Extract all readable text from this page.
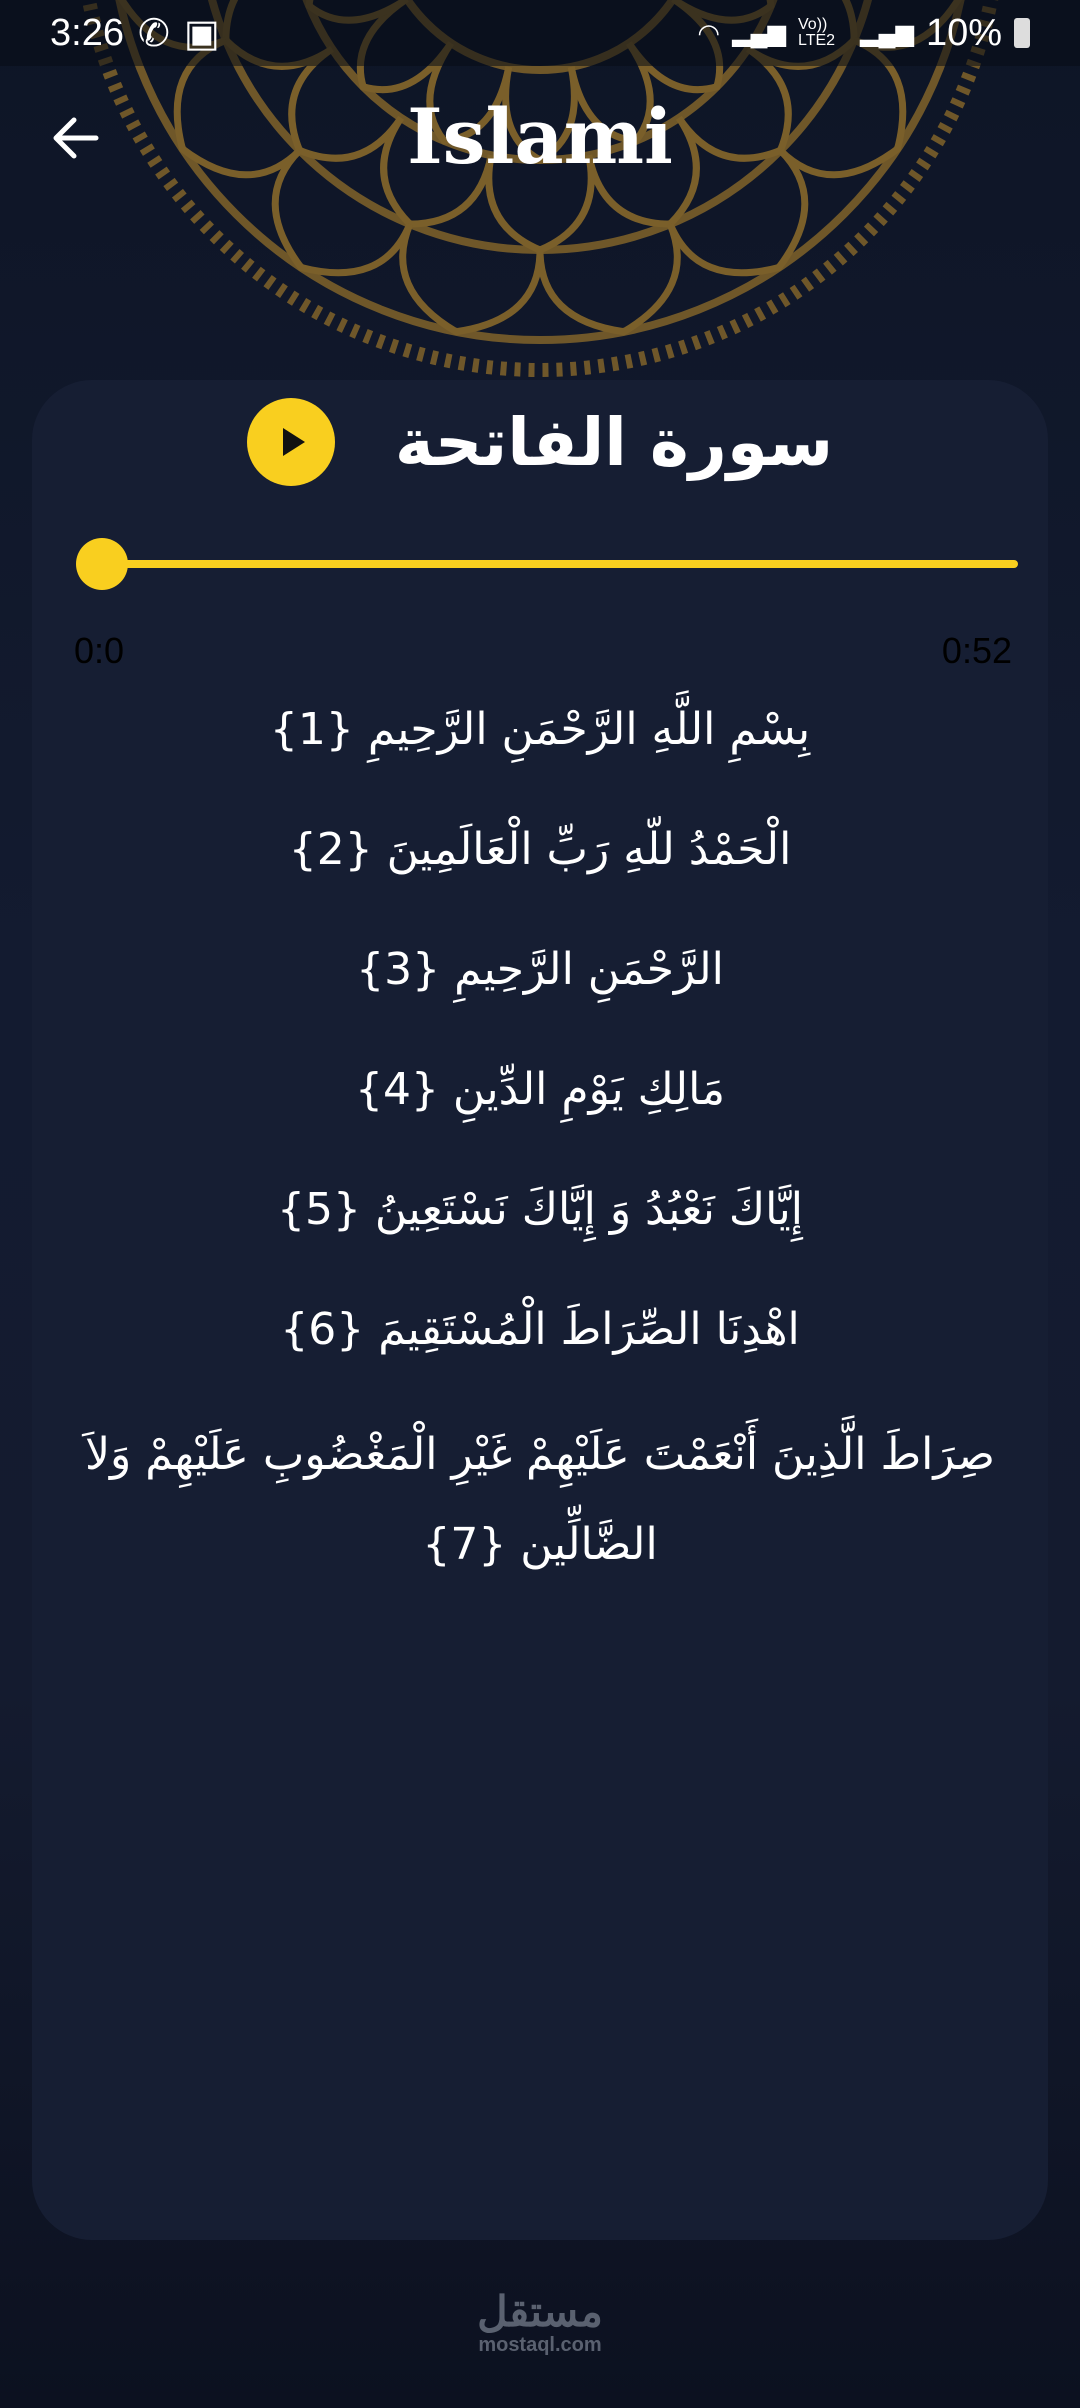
3:26 ✆ ▣	◠ ▂▄▆ Vo)) LTE2	▂▄▆ 10%
Islami
سورة الفاتحة
0:0	0:52
بِسْمِ اللَّهِ الرَّحْمَنِ الرَّحِيمِ {1}
الْحَمْدُ للّهِ رَبِّ الْعَالَمِينَ {2}
الرَّحْمَنِ الرَّحِيمِ {3}
مَالِكِ يَوْمِ الدِّينِ {4}
إِيَّاكَ نَعْبُدُ وَ إِيَّاكَ نَسْتَعِينُ {5}
اهْدِنَا الصِّرَاطَ الْمُسْتَقِيمَ {6}
صِرَاطَ الَّذِينَ أَنْعَمْتَ عَلَيْهِمْ غَيْرِ الْمَغْضُوبِ عَلَيْهِمْ وَلاَ الضَّالِّين {7}
مستقل
mostaql.com
